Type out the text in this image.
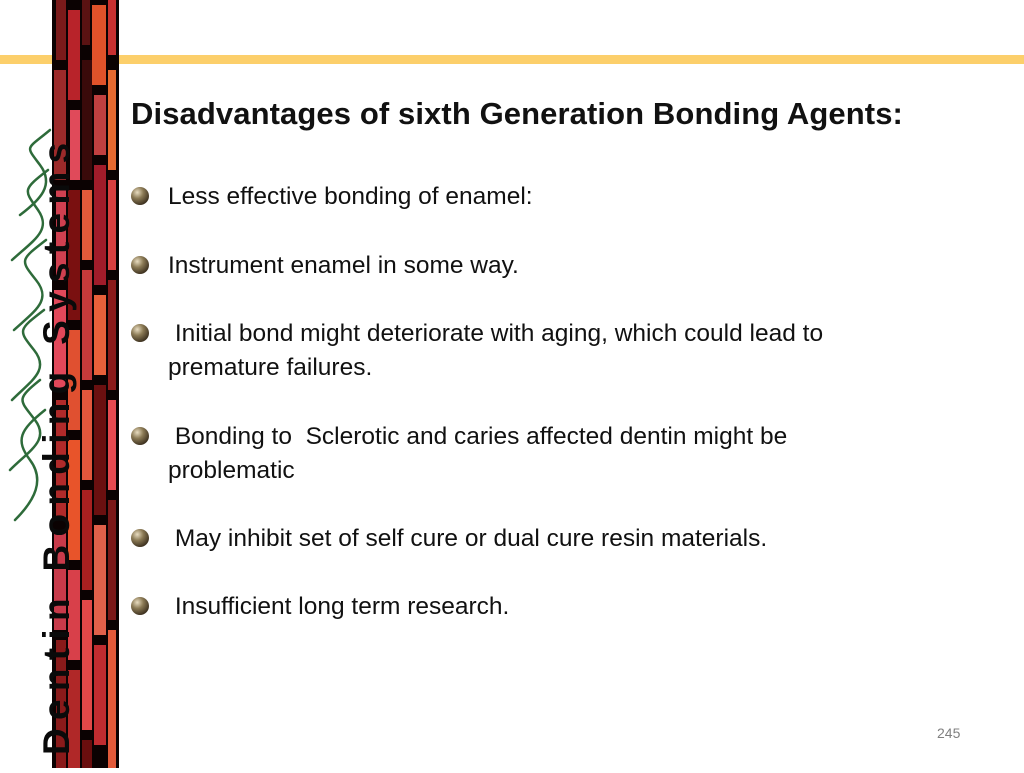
Dentin Bonding Systems
Disadvantages of sixth Generation Bonding Agents:
Less effective bonding of enamel:
Instrument enamel in some way.
Initial bond might deteriorate with aging, which could lead to
premature failures.
Bonding to  Sclerotic and caries affected dentin might be
problematic
May inhibit set of self cure or dual cure resin materials.
Insufficient long term research.
245
